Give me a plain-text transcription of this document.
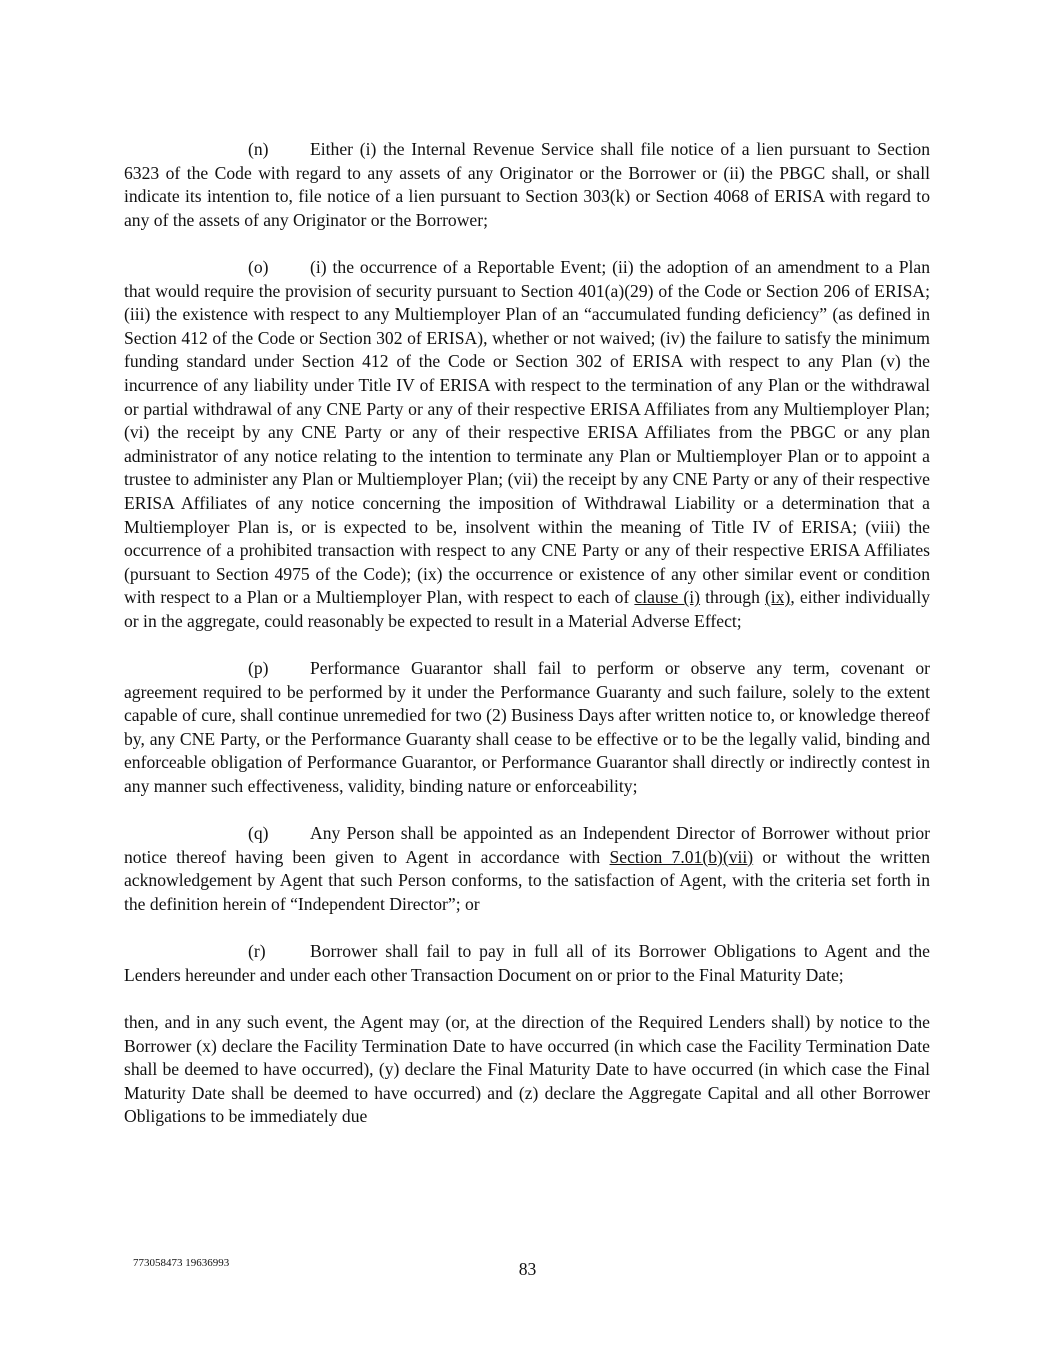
(n) Either (i) the Internal Revenue Service shall file notice of a lien pursuant to Section 6323 of the Code with regard to any assets of any Originator or the Borrower or (ii) the PBGC shall, or shall indicate its intention to, file notice of a lien pursuant to Section 303(k) or Section 4068 of ERISA with regard to any of the assets of any Originator or the Borrower;

(o) (i) the occurrence of a Reportable Event; (ii) the adoption of an amendment to a Plan that would require the provision of security pursuant to Section 401(a)(29) of the Code or Section 206 of ERISA; (iii) the existence with respect to any Multiemployer Plan of an “accumulated funding deficiency” (as defined in Section 412 of the Code or Section 302 of ERISA), whether or not waived; (iv) the failure to satisfy the minimum funding standard under Section 412 of the Code or Section 302 of ERISA with respect to any Plan (v) the incurrence of any liability under Title IV of ERISA with respect to the termination of any Plan or the withdrawal or partial withdrawal of any CNE Party or any of their respective ERISA Affiliates from any Multiemployer Plan; (vi) the receipt by any CNE Party or any of their respective ERISA Affiliates from the PBGC or any plan administrator of any notice relating to the intention to terminate any Plan or Multiemployer Plan or to appoint a trustee to administer any Plan or Multiemployer Plan; (vii) the receipt by any CNE Party or any of their respective ERISA Affiliates of any notice concerning the imposition of Withdrawal Liability or a determination that a Multiemployer Plan is, or is expected to be, insolvent within the meaning of Title IV of ERISA; (viii) the occurrence of a prohibited transaction with respect to any CNE Party or any of their respective ERISA Affiliates (pursuant to Section 4975 of the Code); (ix) the occurrence or existence of any other similar event or condition with respect to a Plan or a Multiemployer Plan, with respect to each of clause (i) through (ix), either individually or in the aggregate, could reasonably be expected to result in a Material Adverse Effect;

(p) Performance Guarantor shall fail to perform or observe any term, covenant or agreement required to be performed by it under the Performance Guaranty and such failure, solely to the extent capable of cure, shall continue unremedied for two (2) Business Days after written notice to, or knowledge thereof by, any CNE Party, or the Performance Guaranty shall cease to be effective or to be the legally valid, binding and enforceable obligation of Performance Guarantor, or Performance Guarantor shall directly or indirectly contest in any manner such effectiveness, validity, binding nature or enforceability;

(q) Any Person shall be appointed as an Independent Director of Borrower without prior notice thereof having been given to Agent in accordance with Section 7.01(b)(vii) or without the written acknowledgement by Agent that such Person conforms, to the satisfaction of Agent, with the criteria set forth in the definition herein of “Independent Director”; or

(r)	Borrower shall fail to pay in full all of its Borrower Obligations to Agent and the Lenders hereunder and under each other Transaction Document on or prior to the Final Maturity Date;

then, and in any such event, the Agent may (or, at the direction of the Required Lenders shall) by notice to the Borrower (x) declare the Facility Termination Date to have occurred (in which case the Facility Termination Date shall be deemed to have occurred), (y) declare the Final Maturity Date to have occurred (in which case the Final Maturity Date shall be deemed to have occurred) and (z) declare the Aggregate Capital and all other Borrower Obligations to be immediately due

773058473 19636993	83
